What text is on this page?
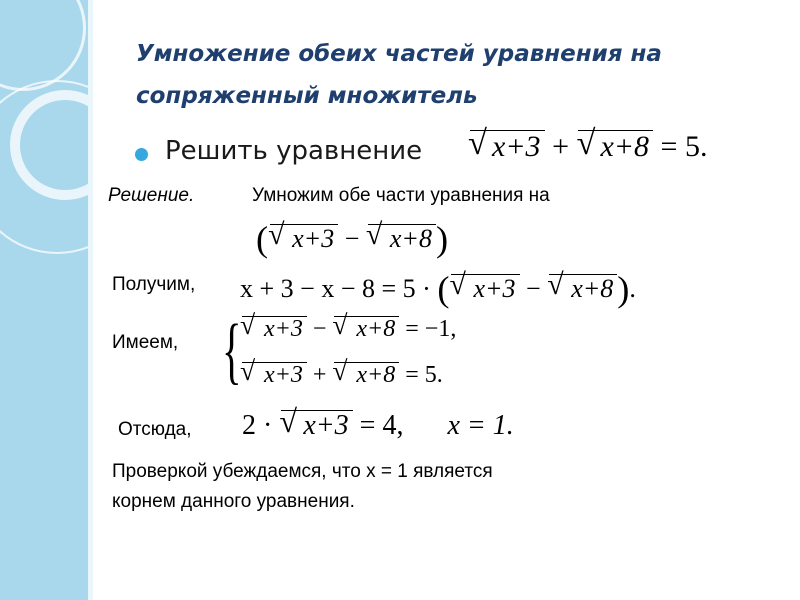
Умножение обеих частей уравнения на сопряженный множитель
Решить уравнение	√ x+3 + √ x+8 = 5.
Решение.	Умножим обе части уравнения на
( √ x+3 − √ x+8 )
Получим, x + 3 − x − 8 = 5 · ( √ x+3 − √ x+8 ).
Имеем, { √ x+3 − √ x+8 = −1,
√ x+3 + √ x+8 = 5.
Отсюда, 2 · √ x+3 = 4, x = 1.
Проверкой убеждаемся, что x = 1 является
корнем данного уравнения.
